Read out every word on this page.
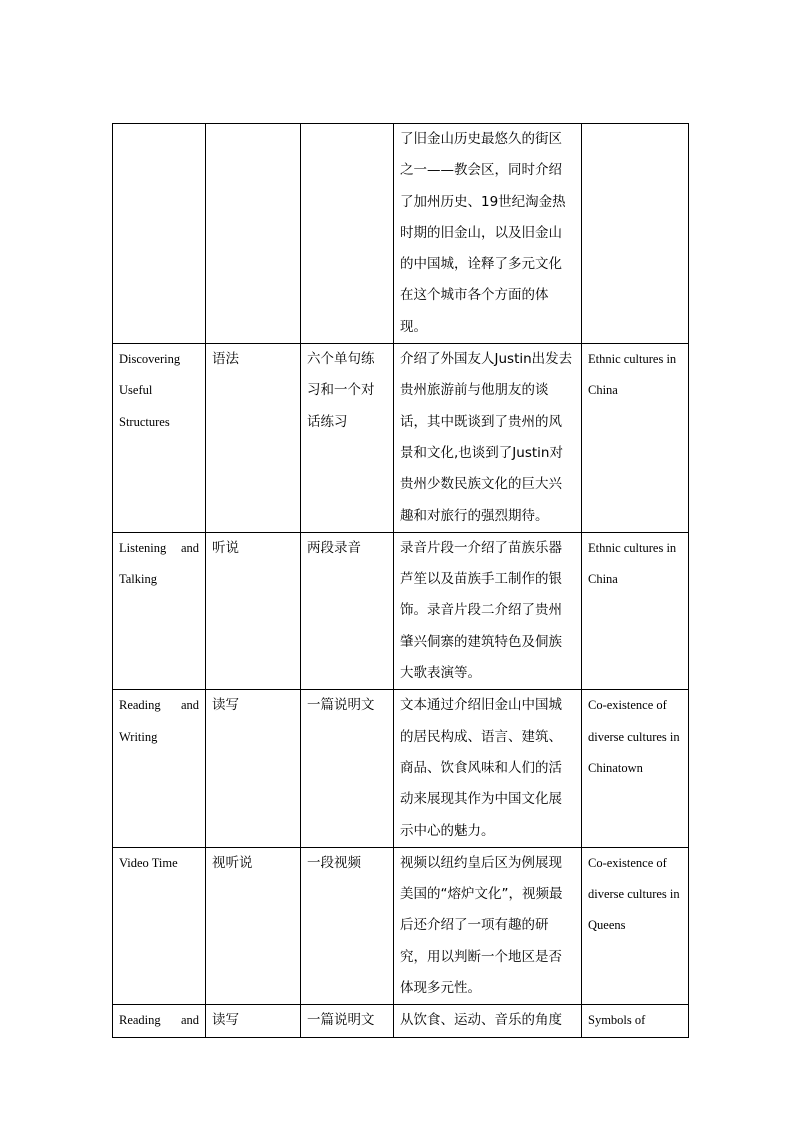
			了旧金山历史最悠久的街区之一——教会区，同时介绍了加州历史、19世纪淘金热时期的旧金山，以及旧金山的中国城，诠释了多元文化在这个城市各个方面的体现。	
Discovering Useful Structures	语法	六个单句练习和一个对话练习	介绍了外国友人Justin出发去贵州旅游前与他朋友的谈话，其中既谈到了贵州的风景和文化,也谈到了Justin对贵州少数民族文化的巨大兴趣和对旅行的强烈期待。	Ethnic cultures in China
Listening and Talking	听说	两段录音	录音片段一介绍了苗族乐器芦笙以及苗族手工制作的银饰。录音片段二介绍了贵州肇兴侗寨的建筑特色及侗族大歌表演等。	Ethnic cultures in China
Reading and Writing	读写	一篇说明文	文本通过介绍旧金山中国城的居民构成、语言、建筑、商品、饮食风味和人们的活动来展现其作为中国文化展示中心的魅力。	Co-existence of diverse cultures in Chinatown
Video Time	视听说	一段视频	视频以纽约皇后区为例展现美国的“熔炉文化”，视频最后还介绍了一项有趣的研究，用以判断一个地区是否体现多元性。	Co-existence of diverse cultures in Queens
Reading and	读写	一篇说明文	从饮食、运动、音乐的角度	Symbols of
